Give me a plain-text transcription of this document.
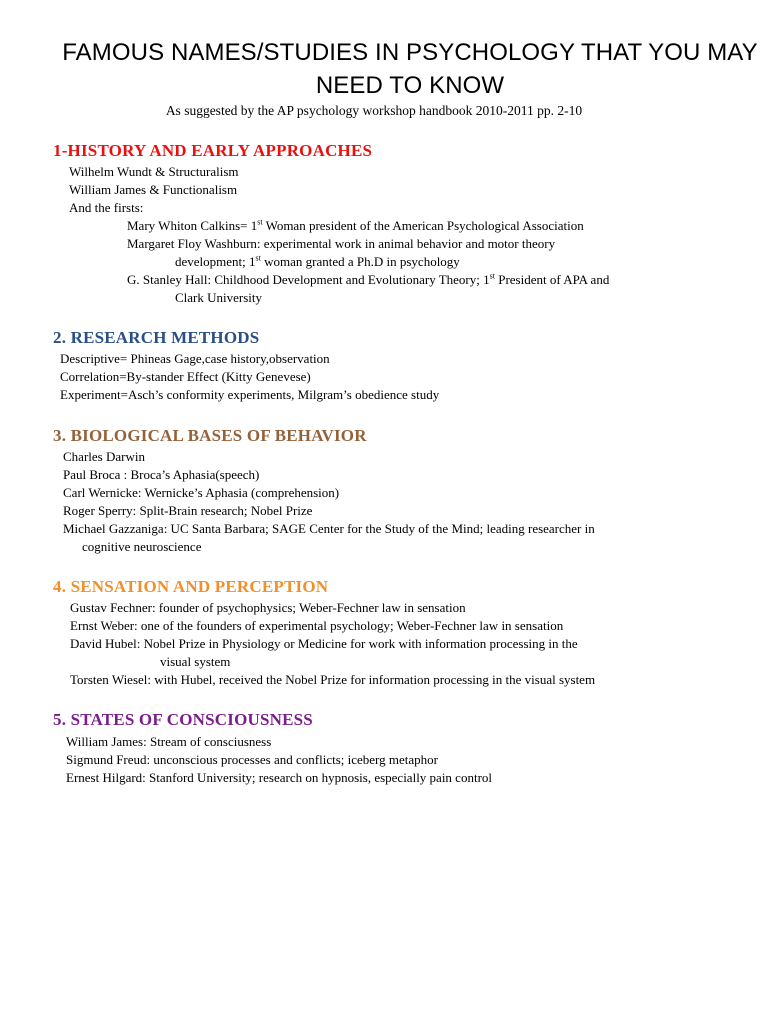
FAMOUS NAMES/STUDIES IN PSYCHOLOGY THAT YOU MAY NEED TO KNOW

As suggested by the AP psychology workshop handbook 2010-2011 pp. 2-10

1-HISTORY AND EARLY APPROACHES

Wilhelm Wundt & Structuralism

William James & Functionalism

And the firsts:

Mary Whiton Calkins= 1st Woman president of the American Psychological Association

Margaret Floy Washburn: experimental work in animal behavior and motor theory

development; 1st woman granted a Ph.D in psychology

G. Stanley Hall: Childhood Development and Evolutionary Theory; 1st President of APA and

Clark University

2. RESEARCH METHODS

Descriptive= Phineas Gage,case history,observation

Correlation=By-stander Effect (Kitty Genevese)

Experiment=Asch’s conformity experiments, Milgram’s obedience study

3. BIOLOGICAL BASES OF BEHAVIOR

Charles Darwin

Paul Broca : Broca’s Aphasia(speech)

Carl Wernicke: Wernicke’s Aphasia (comprehension)

Roger Sperry: Split-Brain research; Nobel Prize

Michael Gazzaniga: UC Santa Barbara; SAGE Center for the Study of the Mind; leading researcher in

cognitive neuroscience

4. SENSATION AND PERCEPTION

Gustav Fechner: founder of psychophysics; Weber-Fechner law in sensation

Ernst Weber: one of the founders of experimental psychology; Weber-Fechner law in sensation

David Hubel: Nobel Prize in Physiology or Medicine for work with information processing in the

visual system

Torsten Wiesel: with Hubel, received the Nobel Prize for information processing in the visual system

5. STATES OF CONSCIOUSNESS

William James: Stream of consciusness

Sigmund Freud: unconscious processes and conflicts; iceberg metaphor

Ernest Hilgard: Stanford University; research on hypnosis, especially pain control
